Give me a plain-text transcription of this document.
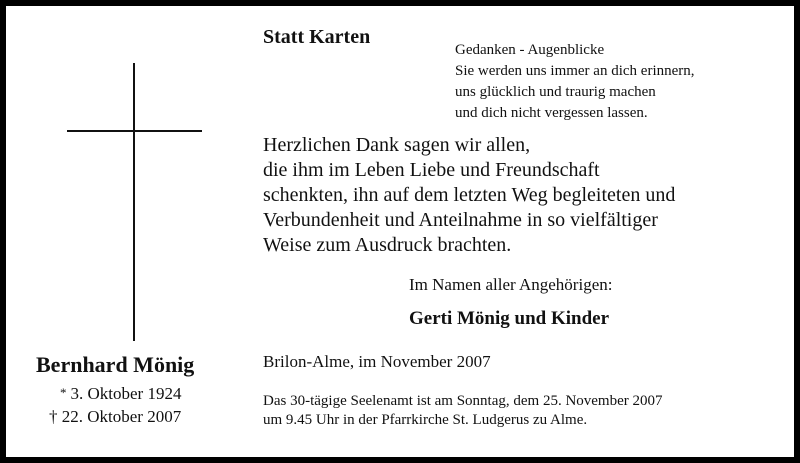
Statt Karten
Gedanken - Augenblicke
Sie werden uns immer an dich erinnern,
uns glücklich und traurig machen
und dich nicht vergessen lassen.
Herzlichen Dank sagen wir allen,
die ihm im Leben Liebe und Freundschaft
schenkten, ihn auf dem letzten Weg begleiteten und
Verbundenheit und Anteilnahme in so vielfältiger
Weise zum Ausdruck brachten.
Im Namen aller Angehörigen:
Gerti Mönig und Kinder
Bernhard Mönig
* 3. Oktober 1924
† 22. Oktober 2007
Brilon-Alme, im November 2007
Das 30-tägige Seelenamt ist am Sonntag, dem 25. November 2007
um 9.45 Uhr in der Pfarrkirche St. Ludgerus zu Alme.
